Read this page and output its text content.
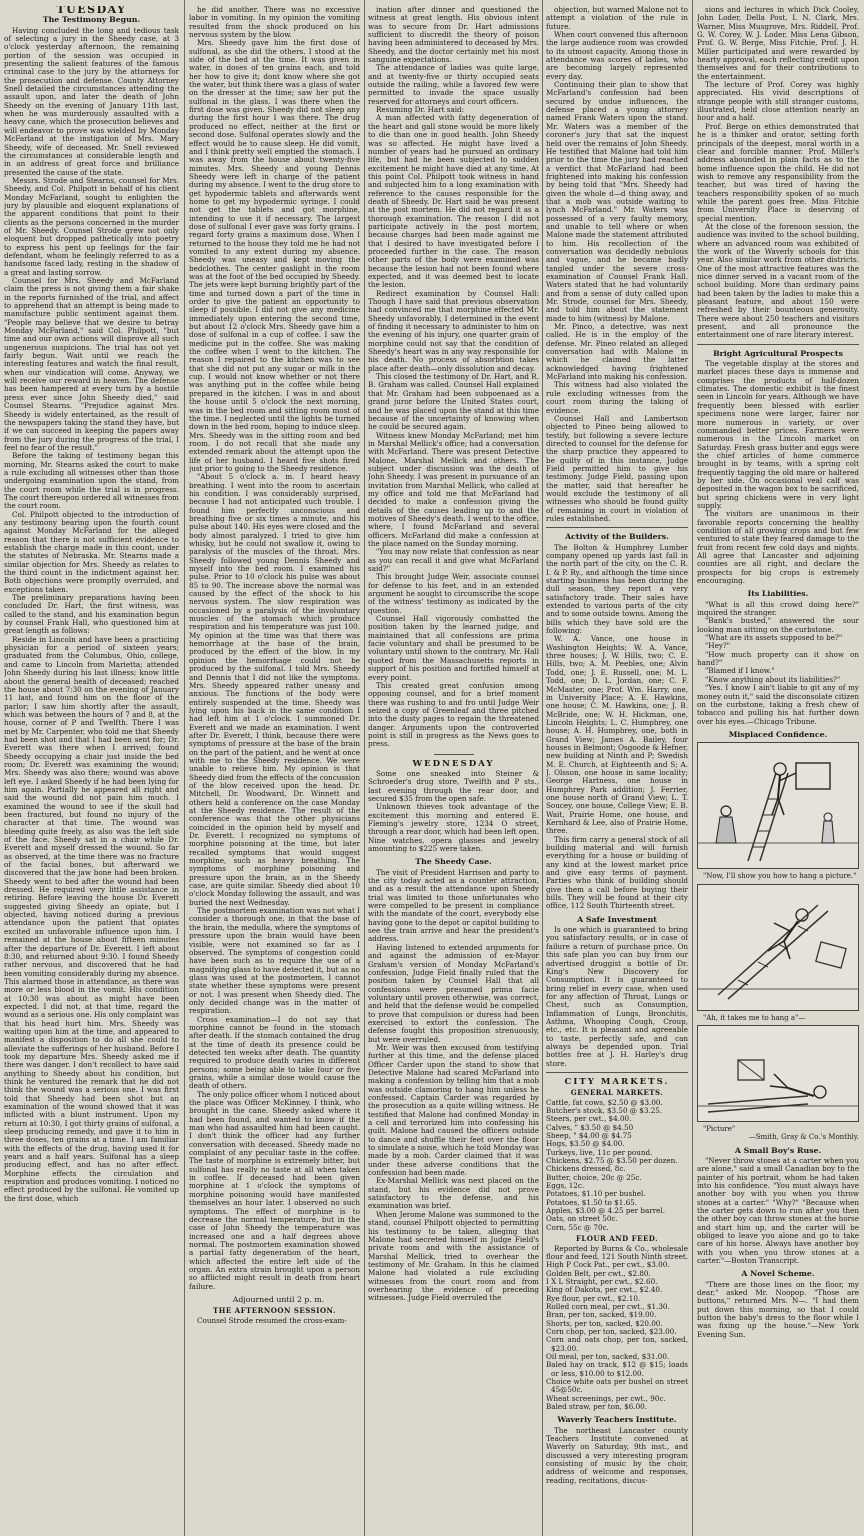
TUESDAY
The Testimony Begun.

Having concluded the long and tedious task of selecting a jury in the Sheedy case, at 3 o'clock yesterday afternoon, the remaining portion of the session was occupied in presenting the salient features of the famous criminal case to the jury by the attorneys for the prosecution and defense. County Attorney Snell detailed the circumstances attending the assault upon, and later the death of John Sheedy on the evening of January 11th last, when he was murderously assaulted with a heavy cane, which the prosecution believes and will endeavor to prove was wielded by Monday McFarland at the instigation of Mrs. Mary Sheedy, wife of deceased. Mr. Snell reviewed the circumstances at considerable length and in an address of great force and brilliance presented the cause of the state.

Messrs. Strode and Stearns, counsel for Mrs. Sheedy, and Col. Philpott in behalf of his client Monday McFarland, sought to enlighten the jury by plausible and eloquent explanations of the apparent conditions that point to their clients as the persons concerned in the murder of Mr. Sheedy. Counsel Strode grew not only eloquent but dropped pathetically into poetry to express his pent up feelings for the fair defendant, whom he feelingly referred to as a handsome faced lady, resting in the shadow of a great and lasting sorrow.

Counsel for Mrs. Sheedy and McFarland claim the press is not giving them a fair shake in the reports furnished of the trial, and affect to apprehend that an attempt is being made to manufacture public sentiment against them. "People may believe that we desire to betray Monday McFarland," said Col. Philpott, "but time and our own actions will disprove all such ungenerous suspicions. The trial has not yet fairly begun. Wait until we reach the interesting features and watch the final result, when our vindication will come. Anyway, we will receive our reward in heaven. The defense has been hampered at every turn by a hostile press ever since John Sheedy died," said Counsel Stearns. "Prejudice against Mrs. Sheedy is widely entertained, as the result of the newspapers taking the stand they have, but if we can succeed in keeping the papers away from the jury during the progress of the trial, I feel no fear of the result."

Before the taking of testimony began this morning, Mr. Stearns asked the court to make a rule excluding all witnesses other than those undergoing examination upon the stand, from the court room while the trial is in progress. The court thereupon ordered all witnesses from the court room.

Col. Philpott objected to the introduction of any testimony bearing upon the fourth count against Monday McFarland for the alleged reason that there is not sufficient evidence to establish the charge made in this count, under the statutes of Nebraska. Mr. Stearns made a similar objection for Mrs. Sheedy as relates to the third count in the indictment against her. Both objections were promptly overruled, and exceptions taken.

The preliminary preparations having been concluded Dr. Hart, the first witness, was called to the stand, and his examination begun by counsel Frank Hall, who questioned him at great length as follows:

Reside in Lincoln and have been a practicing physician for a period of sixteen years; graduated from the Columbus, Ohio, college, and came to Lincoln from Marietta; attended John Sheedy during his last illness; know little about the general health of deceased; reached the house about 7:30 on the evening of January 11 last, and found him on the floor of the parlor; I saw him shortly after the assault, which was between the hours of 7 and 8, at the house, corner of P and Twelfth. There I was met by Mr. Carpenter, who told me that Sheedy had been shot and that I had been sent for; Dr. Everett was there when I arrived; found Sheedy occupying a chair just inside the bed room; Dr. Everett was examining the wound; Mrs. Sheedy was also there; wound was above left eye. I asked Sheedy if he had been lying for him again. Partially he appeared all right and said the wound did not pain him much. I examined the wound to see if the skull had been fractured, but found no injury of the character at that time. The wound was bleeding quite freely, as also was the left side of the face. Sheedy sat in a chair while Dr. Everett and myself dressed the wound. So far as observed, at the time there was no fracture of the facial bones, but afterward we discovered that the jaw bone had been broken. Sheedy went to bed after the wound had been dressed. He required very little assistance in retiring. Before leaving the house Dr. Everett suggested giving Sheedy an opiate, but I objected, having noticed during a previous attendance upon the patient that opiates excited an unfavorable influence upon him. I remained at the house about fifteen minutes after the departure of Dr. Everett. I left about 8:30, and returned about 9:30. I found Sheedy rather nervous, and discovered that he had been vomiting considerably during my absence. This alarmed those in attendance, as there was more or less blood in the vomit. His condition at 10:30 was about as might have been expected. I did not, at that time, regard the wound as a serious one. His only complaint was that his head hurt him. Mrs. Sheedy was waiting upon him at the time, and appeared to manifest a disposition to do all she could to alleviate the sufferings of her husband. Before I took my departure Mrs. Sheedy asked me if there was danger. I don't recollect to have said anything to Sheedy about his condition, but think he ventured the remark that he did not think the wound was a serious one. I was first told that Sheedy had been shot but an examination of the wound showed that it was inflicted with a blunt instrument. Upon my return at 10:30, I got thirty grains of sulfonal, a sleep producing remedy, and gave it to him in three doses, ten grains at a time. I am familiar with the effects of the drug, having used it for years and a half years. Sulfonal has a sleep producing effect, and has no after effect. Morphine effects the circulation and respiration and produces vomiting. I noticed no effect produced by the sulfonal. He vomited up the first dose, which

he did another. There was no excessive labor in vomiting. In my opinion the vomiting resulted from the shock produced on his nervous system by the blow.

Mrs. Sheedy gave him the first dose of sulfonal, as she did the others. I stood at the side of the bed at the time. It was given in water, in doses of ten grains each, and told her how to give it; dont know where she got the water, but think there was a glass of water on the dresser at the time; saw her put the sulfonal in the glass. I was there when the first dose was given. Sheedy did not sleep any during the first hour I was there. The drug produced no effect, neither at the first or second dose. Sulfonal operates slowly and the effect would be to cause sleep. He did vomit, and I think pretty well emptied the stomach. I was away from the house about twenty-five minutes. Mrs. Sheedy and young Dennis Sheedy were left in charge of the patient during my absence. I went to the drug store to get hypodermic tablets and afterwards went home to get my hypodermic syringe. I could not get the tablets and got morphine, intending to use it if necessary. The largest dose of sulfonal I ever gave was forty grains. I regard forty grains a maximum dose. When I returned to the house they told me he had not vomited to any extent during my absence. Sheedy was uneasy and kept moving the bedclothes. The center gaslight in the room was at the foot of the bed occupied by Sheedy. The jets were kept burning brightly part of the time and turned down a part of the time in order to give the patient an opportunity to sleep if possible. I did not give any medicine immediately upon entering the second time, but about 12 o'clock Mrs. Sheedy gave him a dose of sulfonal in a cup of coffee. I saw the medicine put in the coffee. She was making the coffee when I went to the kitchen. The reason I repaired to the kitchen was to see that she did not put any sugar or milk in the cup. I would not know whether or not there was anything put in the coffee while being prepared in the kitchen. I was in and about the house until 5 o'clock the next morning, was in the bed room and sitting room most of the time. I neglected until the lights be turned down in the bed room, hoping to induce sleep. Mrs. Sheedy was in the sitting room and bed room. I do not recall that she made any extended remark about the attempt upon the life of her husband. I heard five shots fired just prior to going to the Sheedy residence.

"About 5 o'clock a. m. I heard heavy breathing. I went into the room to ascertain his condition. I was considerably surprised, because I had not anticipated such trouble. I found him perfectly unconscious and breathing five or six times a minute, and his pulse about 140. His eyes were closed and the body almost paralyzed. I tried to give him whisky, but he could not swallow it, owing to paralysis of the muscles of the throat. Mrs. Sheedy followed young Dennis Sheedy and myself into the bed room. I examined his pulse. Prior to 10 o'clock his pulse was about 85 to 90. The increase above the normal was caused by the effect of the shock to his nervous system. The slow respiration was occasioned by a paralysis of the involuntary muscles of the stomach which produce respiration and his temperature was just 100. My opinion at the time was that there was hemorrhage at the base of the brain, produced by the effect of the blow. In my opinion the hemorrhage could not be produced by the sulfonal. I told Mrs. Sheedy and Dennis that I did not like the symptoms. Mrs. Sheedy appeared rather uneasy and anxious. The functions of the body were entirely suspended at the time. Sheedy was lying upon his back in the same condition I had left him at 1 o'clock. I summoned Dr. Everett and we made an examination. I went after Dr. Everett, I think, because there were symptoms of pressure at the base of the brain on the part of the patient, and he went at once with me to the Sheedy residence. We were unable to relieve him. My opinion is that Sheedy died from the effects of the concussion of the blow received upon the head. Dr. Mitchell, Dr. Woodward, Dr. Winnett and others held a conference on the case Monday at the Sheedy residence. The result of the conference was that the other physicians coincided in the opinion held by myself and Dr. Everett. I recognized no symptoms of morphine poisoning at the time, but later recalled symptoms that would suggest morphine, such as heavy breathing. The symptoms of morphine poisoning and pressure upon the brain, as in the Sheedy case, are quite similar. Sheedy died about 10 o'clock Monday following the assault, and was buried the next Wednesday.

The postmortem examination was not what I consider a thorough one, in that the base of the brain, the medulla, where the symptoms of pressure upon the brain would have been visible, were not examined so far as I observed. The symptoms of congestion could have been such as to require the use of a magnifying glass to have detected it, but as no glass was used at the postmortem, I cannot state whether these symptoms were present or not. I was present when Sheedy died. The only decided change was in the matter of respiration.

Cross examination—I do not say that morphine cannot be found in the stomach after death. If the stomach contained the drug at the time of death its presence could be detected ten weeks after death. The quantity required to produce death varies in different persons; some being able to take four or five grains, while a similar dose would cause the death of others.

The only police officer whom I noticed about the place was Officer McKinney. I think, who brought in the cane. Sheedy asked where it had been found, and wanted to know if the man who had assaulted him had been caught. I don't think the officer had any further conversation with deceased. Sheedy made no complaint of any peculiar taste in the coffee. The taste of morphine is extremely bitter, but sulfonal has really no taste at all when taken in coffee. If deceased had been given morphine at 1 o'clock the symptoms of morphine poisoning would have manifested themselves an hour later. I observed no such symptoms. The effect of morphine is to decrease the normal temperature, but in the case of John Sheedy the temperature was increased one and a half degrees above normal. The postmortem examination showed a partial fatty degeneration of the heart, which affected the entire left side of the organ. An extra strain brought upon a person so afflicted might result in death from heart failure.

Adjourned until 2 p. m.

THE AFTERNOON SESSION.

Counsel Strode resumed the cross-exam-

ination after dinner and questioned the witness at great length. His obvious intent was to secure from Dr. Hart admissions sufficient to discredit the theory of poison having been administered to deceased by Mrs. Sheedy, and the doctor certainly met his most sanguine expectations.

The attendance of ladies was quite large, and at twenty-five or thirty occupied seats outside the railing, while a favored few were permitted to invade the space usually reserved for attorneys and court officers.

Resuming Dr. Hart said:

A man affected with fatty degeneration of the heart and gall stone would be more likely to die than one in good health. John Sheedy was so affected. He might have lived a number of years had he pursued an ordinary life, but had he been subjected to sudden excitement he might have died at any time. At this point Col. Philpott took witness in hand and subjected him to a long examination with reference to the causes responsible for the death of Sheedy. Dr. Hart said he was present at the post mortem. He did not regard it as a thorough examination. The reason I did not participate actively in the post mortem, because charges had been made against me that I desired to have investigated before I proceeded further in the case. The reason other parts of the body were examined was because the lesion had not been found where expected, and it was deemed best to locate the lesion.

Redirect examination by Counsel Hall: Though I have said that previous observation had convinced me that morphine effected Mr. Sheedy unfavorably, I determined in the event of finding it necessary to administer to him on the evening of his injury, one quarter grain of morphine could not say that the condition of Sheedy's heart was in any way responsible for his death. No process of absorbtion takes place after death—only dissolution and decay.

This closed the testimony of Dr. Hart, and R. B. Graham was called. Counsel Hall explained that Mr. Graham had been subpoenaed as a grand juror before the United States court, and he was placed upon the stand at this time because of the uncertainty of knowing when he could be secured again.

Witness knew Monday McFarland; met him in Marshal Mellick's office; had a conversation with McFarland. There was present Detective Malone, Marshal Mellick and others. The subject under discussion was the death of John Sheedy. I was present in pursuance of an invitation from Marshal Mellick, who called at my office and told me that McFarland had decided to make a confession giving the details of the causes leading up to and the motives of Sheedy's death. I went to the office, where, I found McFarland and several officers. McFarland did make a confession at the place named on the Sunday morning.

"You may now relate that confession as near as you can recall it and give what McFarland said?"

This brought Judge Weir, associate counsel for defense to his feet, and in an extended argument he sought to circumscribe the scope of the witness' testimony as indicated by the question.

Counsel Hall vigorously combatted the position taken by the learned judge, and maintained that all confessions are prima facie voluntary and shall be presumed to be voluntary until shown to the contrary. Mr. Hall quoted from the Massachusetts reports in support of his position and fortified himself at every point.

This created great confusion among opposing counsel, and for a brief moment there was rushing to and fro until Judge Weir seized a copy of Greenleaf and three pitched into the dusty pages to regain the threatened danger. Arguments upon the controverted point is still in progress as the News goes to press.

WEDNESDAY

Some one sneaked into Steiner & Schroeder's drug store, Twelfth and P sts., last evening through the rear door, and secured $35 from the open safe.

Unknown thieves took advantage of the excitement this morning and entered E. Fleming's jewelry store, 1234 O street, through a rear door, which had been left open. Nine watches, opera glasses and jewelry amounting to $225 were taken.

The Sheedy Case.

The visit of President Harrison and party to the city today acted as a counter attraction, and as a result the attendance upon Sheedy trial was limited to those unfortunates who were compelled to be present in compliance with the mandate of the court, everybody else having gone to the depot or capitol building to see the train arrive and hear the president's address.

Having listened to extended arguments for and against the admission of ex-Mayor Graham's version of Monday McFarland's confession, Judge Field finally ruled that the position taken by Counsel Hall that all confessions were presumed prima facie voluntary until proven otherwise, was correct, and held that the defense would be compelled to prove that compulsion or duress had been exercised to extort the confession. The defense fought this proposition strenuously, but were overruled.

Mr. Weir was then excused from testifying further at this time, and the defense placed Officer Carder upon the stand to show that Detective Malone had scared McFarland into making a confession by telling him that a mob was outside clamoring to hang him unless he confessed. Captain Carder was regarded by the prosecution as a quite willing witness. He testified that Malone had confined Monday in a cell and terrorized him into confessing his guilt. Malone had caused the officers outside to dance and shuffle their feet over the floor to simulate a noise, which he told Monday was made by a mob. Carder claimed that it was under these adverse conditions that the confession had been made.

Ex-Marshal Mellick was next placed on the stand, but his evidence did not prove satisfactory to the defense, and his examination was brief.

When Jerome Malone was summoned to the stand, counsel Philpott objected to permitting his testimony to be taken, alleging that Malone had secreted himself in Judge Field's private room and with the assistance of Marshal Mellick, tried to overhear the testimony of Mr. Graham. In this he claimed Malone had violated a rule excluding witnesses from the court room and from overhearing the evidence of preceding witnesses. Judge Field overruled the

objection, but warned Malone not to attempt a violation of the rule in future.

When court convened this afternoon the large audience room was crowded to its utmost capacity. Among those in attendance was scores of ladies, who are becoming largely represented every day.

Continuing their plan to show that McFarland's confession had been secured by undue influences, the defense placed a young attorney named Frank Waters upon the stand. Mr. Waters was a member of the coroner's jury that sat the inquest held over the remains of John Sheedy. He testified that Malone had told him prior to the time the jury had reached a verdict that McFarland had been frightened into making his confession by being told that "Mrs. Sheedy had given the whole d—d thing away, and that a mob was outside waiting to lynch McFarland." Mr. Waters was possessed of a very faulty memory, and unable to tell where or when Malone made the statement attributed to him. His recollection of the conversation was decidedly nebulous and vague, and he became badly tangled under the severe cross-examination of Counsel Frank Hall. Waters stated that he had voluntarily and from a sense of duty called upon Mr. Strode, counsel for Mrs. Sheedy, and told him about the statement made to him (witness) by Malone.

Mr. Pinco, a detective, was next called. He is in the employ of the defense. Mr. Pineo related an alleged conversation had with Malone in which he claimed the latter acknowledged having frightened McFarland into making his confession.

This witness had also violated the rule excluding witnesses from the court room during the taking of evidence.

Counsel Hall and Lambertson objected to Pineo being allowed to testify, but following a severe lecture directed to counsel for the defense for the sharp practice they appeared to be guilty of in this instance, Judge Field permitted him to give his testimony. Judge Field, passing upon the matter, said that hereafter he would exclude the testimony of all witnesses who should be found guilty of remaining in court in violation of rules established.

Activity of the Builders.

The Bolton & Humphrey Lumber company opened up yards last fall in the north part of the city, on the C. R. I. & P. Ry., and although the time since starting business has been during the dull season, they report a very satisfactory trade. Their sales have extended to various parts of the city and to some outside towns. Among the bills which they have sold are the following:

W. A. Vance, one house in Washington Heights; W. A. Vance, three houses; J. W. Hills, two; C. E. Hills, two; A. M. Peebles, one; Alvin Todd, one; J. E. Russell, one; M. L. Todd, one; D. L. Jordan, one; C. F. McMaster, one; Prof. Wm. Harry, one, in University Place; A. E. Hawkins, one house; C. M. Hawkins, one; J. B. McBride, one; W. H. Hickman, one, Lincoln Heights; L. C. Humphrey, one house; A. H. Humphrey, one, both in Grand View; James A. Bailey, four houses in Belmont; Osgoode & Hefner, new building at Ninth and P; Swedish M. E. Church, at Eighteenth and S; A. J. Olsson, one house in same locality; George Hartness, one house in Humphrey Park addition; J. Ferrier, one house north of Grand View; L. T. Soucey, one house, College View; E. B. Wait, Prairie Home, one house, and Kernhard & Lee, also of Prairie Home, three.

This firm carry a general stock of all building material and will furnish everything for a house or building of any kind at the lowest market price and give easy terms of payment. Parties who think of building should give them a call before buying their bills. They will be found at their city office, 112 South Thirteenth street.

A Safe Investment

Is one which is guaranteed to bring you satisfactory results, or in case of failure a return of purchase price. On this safe plan you can buy from our advertised druggist a bottle of Dr. King's New Discovery for Consumption. It is guaranteed to bring relief in every case, when used for any affection of Throat, Lungs or Chest, such as Consumption, Inflammation of Lungs, Bronchitis, Asthma, Whooping Cough, Croup, etc., etc. It is pleasant and agreeable to taste, perfectly safe, and can always be depended upon. Trial bottles free at J. H. Harley's drug store.

CITY MARKETS.
GENERAL MARKETS.

Cattle, fat cows, $2.50 @ $3.00.

Butcher's stock, $3.50 @ $3.25.

Steers, per cwt., $4.00.

Calves, " $3.50 @ $4.50

Sheep, " $4.00 @ $4.75

Hogs, $3.50 @ $4.00.

Turkeys, live, 11c per pound.

Chickens, $2.75 @ $3.50 per dozen.

Chickens dressed, 8c.

Butter, choice, 20c @ 25c.

Eggs, 12c.

Potatoes, $1.10 per bushel.

Potatoes, $1.50 to $1.65.

Apples, $3.00 @ 4.25 per barrel.

Oats, on street 50c.

Corn, 55c @ 70c.

FLOUR AND FEED.

Reported by Burns & Co., wholesale flour and feed, 121 South Ninth street.

High P Cock Pat., per cwt., $3.00.

Golden Belt, per cwt., $2.80.

I X L Straight, per cwt., $2.60.

King of Dakota, per cwt., $2.40.

Rye flour, per cwt., $2.10.

Rolled corn meal, per cwt., $1.30.

Bran, per ton, sacked, $19.00.

Shorts, per ton, sacked, $20.00.

Corn chop, per ton, sacked, $23.00.

Corn and oats chop, per ton, sacked, $23.00.

Oil meal, per ton, sacked, $31.00.

Baled hay on track, $12 @ $15; loads or less, $10.00 to $12.00.

Choice white oats per bushel on street 45@50c.

Wheat screenings, per cwt., 90c.

Baled straw, per ton, $6.00.

Waverly Teachers Institute.

The northeast Lancaster county Teachers Institute convened at Waverly on Saturday, 9th inst., and discussed a very interesting program consisting of music by the choir, address of welcome and responses, reading, recitations, discus-

sions and lectures in which Dick Cooley, John Loder, Della Post, I. N. Clark, Mrs. Warner, Miss Musgrove, Mrs. Riddell, Prof. G. W. Corey, W. J. Loder, Miss Lena Gibson, Prof. G. W. Berge, Miss Fitchie, Prof. J. H. Miller participated and were rewarded by hearty approval, each reflecting credit upon themselves and for their contributions to the entertainment.

The lecture of Prof. Corey was highly appreciated. His vivid descriptions of strange people with still stranger customs, illustrated, held close attention nearly an hour and a half.

Prof. Berge on ethics demonstrated that he is a thinker and orator, setting forth principals of the deepest, moral worth in a clear and forcible manner. Prof. Miller's address abounded in plain facts as to the home influence upon the child. He did not wish to remove any responsibility from the teacher, but was tired of having the teachers responsibility spoken of so much while the parent goes free. Miss Fitchie from University Place is deserving of special mention.

At the close of the forenoon session, the audience was invited to the school building, where an advanced room was exhibited of the work of the Waverly schools for this year. Also similar work from other districts. One of the most attractive features was the nice dinner served in a vacant room of the school building. More than ordinary pains had been taken by the ladies to make this a pleasant feature, and about 150 were refreshed by their bounteous generosity. There were about 250 teachers and visitors present, and all pronounce the entertainment one of rare literary interest.

Bright Agricultural Prospects

The vegetable display at the stores and market places these days is immense and comprises the products of half-dozen climates. The domestic exhibit is the finest seen in Lincoln for years. Although we have frequently been blessed with earlier specimens none were larger, fairer nor more numerous in variety, or over commanded better prices. Farmers were numerous in the Lincoln market on Saturday. Fresh grass butter and eggs were the chief articles of home commerce brought in by teams, with a spring colt frequently tagging the old mare or haltered by her side. On occasional veal calf was deposited in the wagon box to be sacrificed, but spring chickens were in very light supply.

The visitors are unanimous in their favorable reports concerning the healthy condition of all growing crops and but few ventured to state they feared damage to the fruit from recent few cold days and nights. All agree that Lancaster and adjoining counties are all right, and declare the prospects for big crops is extremely encouraging.

Its Liabilities.

"What is all this crowd doing here?" inquired the stranger.

"Bank's busted," answered the sour looking man sitting on the curbstone.

"What are its assets supposed to be?"

"Hey?"

"How much property can it show on hand?"

"Blamed if I know."

"Know anything about its liabilities?"

"Yes. I know I ain't liable to git any of my money outn it," said the disconsolate citizen on the curbstone, taking a fresh chew of tobacco and pulling his hat further down over his eyes.—Chicago Tribune.

Misplaced Confidence.

"Now, I'll show you how to hang a picture."

"Ah, it takes me to hang a"—

"Picture"

—Smith, Gray & Co.'s Monthly.

A Small Boy's Ruse.

"Never throw stones at a carter when you are alone," said a small Canadian boy to the painter of his portrait, whom he had taken into his confidence. "You must always have another boy with you when you throw stones at a carter." "Why?" "Because when the carter gets down to run after you then the other boy can throw stones at the horse and start him up, and the carter will be obliged to leave you alone and go to take care of his horse. Always have another boy with you when you throw stones at a carter."—Boston Transcript.

A Novel Scheme.

"There are those lines on the floor, my dear," asked Mr. Noopop. "Those are buttons," returned Mrs. N—. "I had them put down this morning, so that I could button the baby's dress to the floor while I was fixing up the house."—New York Evening Sun.
